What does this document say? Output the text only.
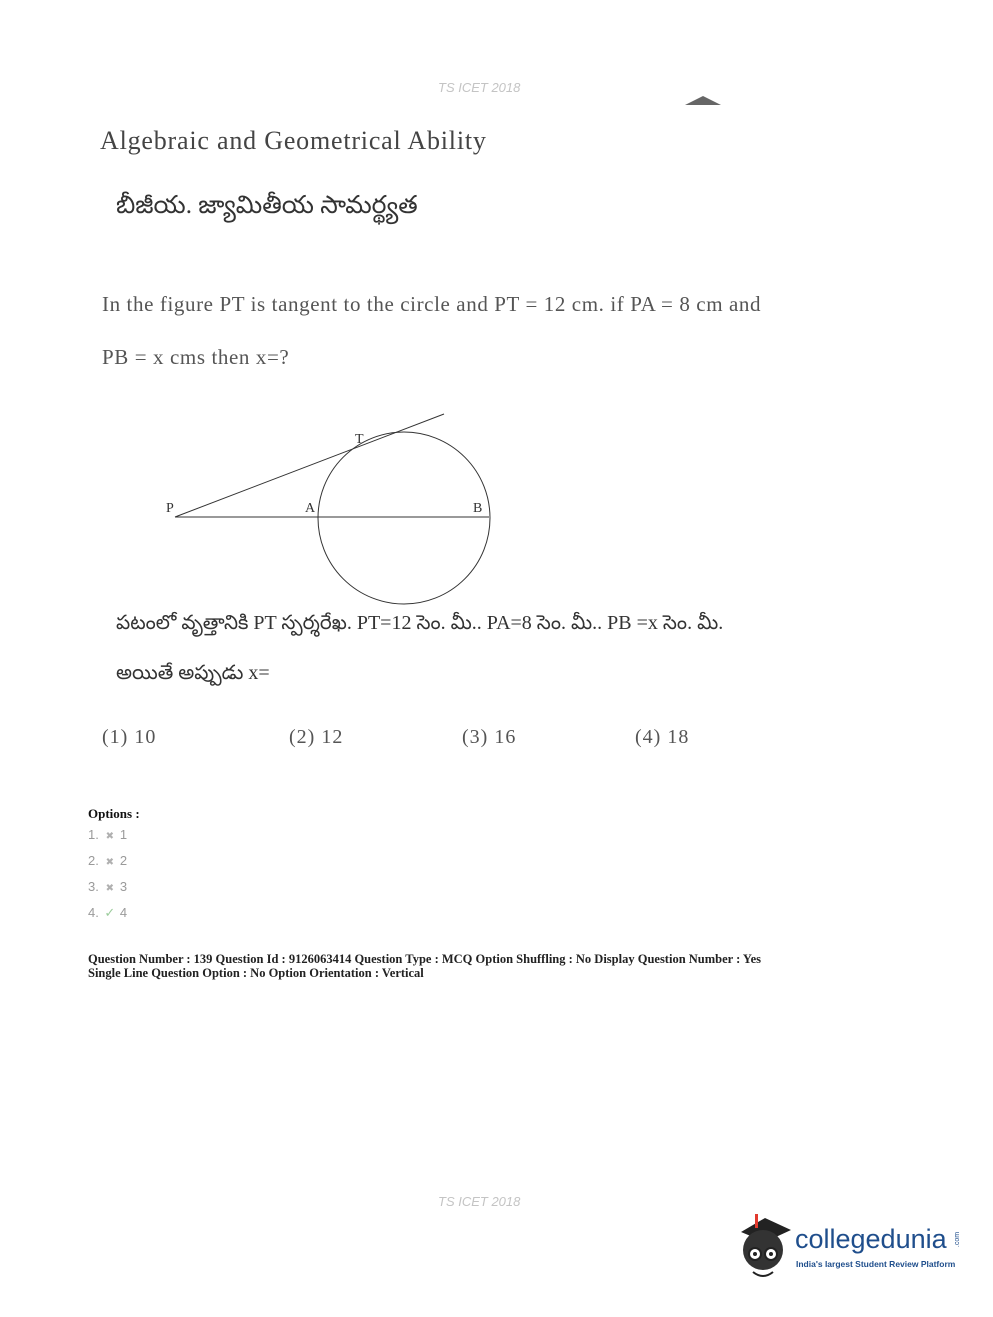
TS ICET 2018
Algebraic and Geometrical Ability
బీజీయ. జ్యామితీయ సామర్థ్యత
In the figure PT is tangent to the circle and PT = 12 cm. if PA = 8 cm and
PB = x cms then x=?
P	A	B
T
పటంలో వృత్తానికి PT స్పర్శరేఖ. PT=12 సెం. మీ.. PA=8 సెం. మీ.. PB =x సెం. మీ.
అయితే అప్పుడు x=
(1) 10	(2) 12	(3) 16	(4) 18
Options :
1. ✖ 1
2. ✖ 2
3. ✖ 3
4. ✓ 4
Question Number : 139 Question Id : 9126063414 Question Type : MCQ Option Shuffling : No Display Question Number : Yes
Single Line Question Option : No Option Orientation : Vertical
TS ICET 2018
collegedunia .com
India's largest Student Review Platform
